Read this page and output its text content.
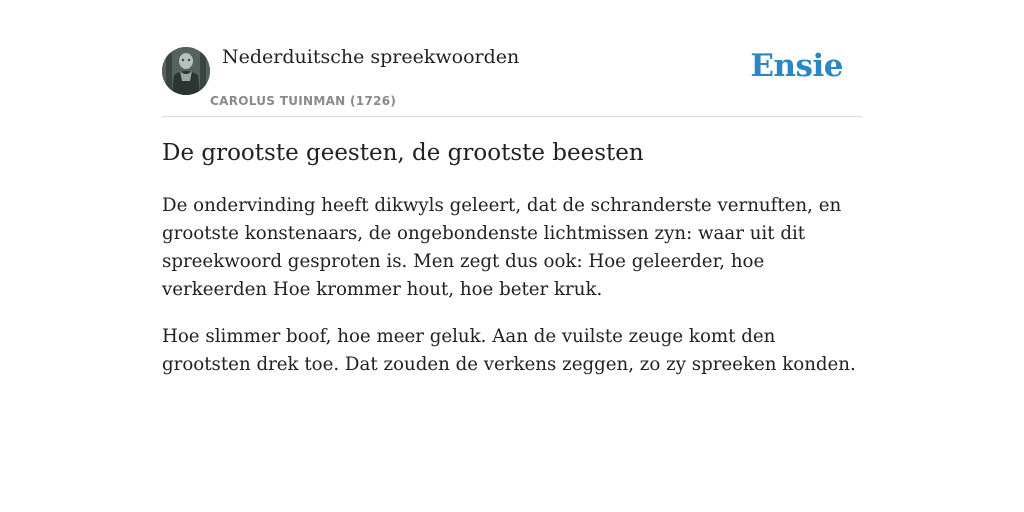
Nederduitsche spreekwoorden
CAROLUS TUINMAN (1726)
Ensie
De grootste geesten, de grootste beesten

De ondervinding heeft dikwyls geleert, dat de schranderste vernuften, en grootste konstenaars, de ongebondenste lichtmissen zyn: waar uit dit spreekwoord gesproten is. Men zegt dus ook: Hoe geleerder, hoe verkeerden Hoe krommer hout, hoe beter kruk.

Hoe slimmer boof, hoe meer geluk. Aan de vuilste zeuge komt den grootsten drek toe. Dat zouden de verkens zeggen, zo zy spreeken konden.
